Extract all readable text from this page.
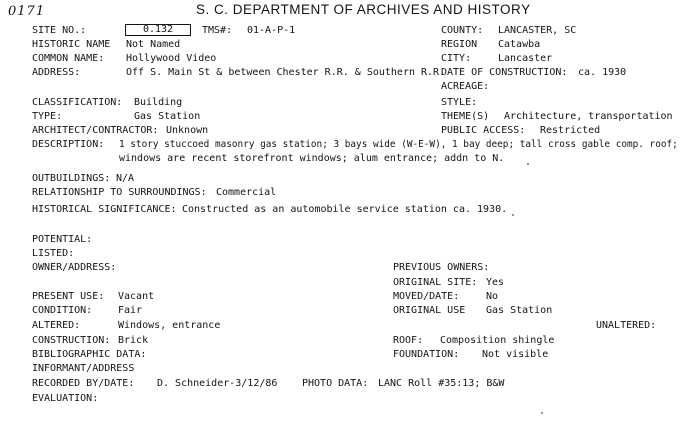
0171	S. C. DEPARTMENT OF ARCHIVES AND HISTORY
SITE NO.:	0.132	TMS#: 01-A-P-1	COUNTY: LANCASTER, SC
HISTORIC NAME Not Named	REGION Catawba
COMMON NAME: Hollywood Video	CITY:	Lancaster
ADDRESS:	Off S. Main St & between Chester R.R. & Southern R.R.
DATE OF CONSTRUCTION: ca. 1930
ACREAGE:
CLASSIFICATION: Building	STYLE:
TYPE:	Gas Station	THEME(S) Architecture, transportation
ARCHITECT/CONTRACTOR: Unknown	PUBLIC ACCESS: Restricted
DESCRIPTION: 1 story stuccoed masonry gas station; 3 bays wide (W-E-W), 1 bay deep; tall cross gable comp. roof;
windows are recent storefront windows; alum entrance; addn to N.
OUTBUILDINGS: N/A
RELATIONSHIP TO SURROUNDINGS: Commercial
HISTORICAL SIGNIFICANCE: Constructed as an automobile service station ca. 1930.
POTENTIAL:
LISTED:
OWNER/ADDRESS:	PREVIOUS OWNERS:
ORIGINAL SITE: Yes
PRESENT USE: Vacant	MOVED/DATE:	No
CONDITION:	Fair	ORIGINAL USE Gas Station
ALTERED:	Windows, entrance	UNALTERED:
CONSTRUCTION: Brick	ROOF: Composition shingle
BIBLIOGRAPHIC DATA:	FOUNDATION: Not visible
INFORMANT/ADDRESS
RECORDED BY/DATE: D. Schneider-3/12/86 PHOTO DATA: LANC Roll #35:13; B&W
EVALUATION:
